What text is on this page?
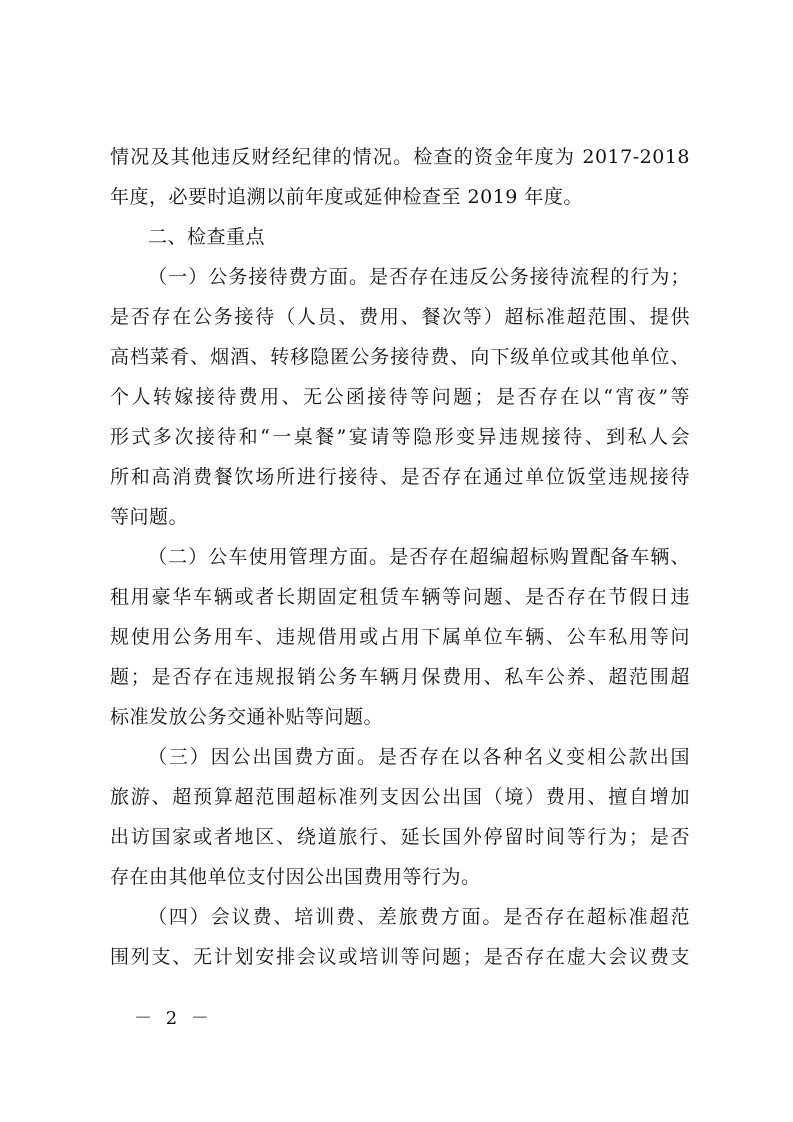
情况及其他违反财经纪律的情况。检查的资金年度为 2017-2018
年度，必要时追溯以前年度或延伸检查至 2019 年度。
二、检查重点
（一）公务接待费方面。是否存在违反公务接待流程的行为；
是否存在公务接待（人员、费用、餐次等）超标准超范围、提供
高档菜肴、烟酒、转移隐匿公务接待费、向下级单位或其他单位、
个人转嫁接待费用、无公函接待等问题；是否存在以“宵夜”等
形式多次接待和“一桌餐”宴请等隐形变异违规接待、到私人会
所和高消费餐饮场所进行接待、是否存在通过单位饭堂违规接待
等问题。
（二）公车使用管理方面。是否存在超编超标购置配备车辆、
租用豪华车辆或者长期固定租赁车辆等问题、是否存在节假日违
规使用公务用车、违规借用或占用下属单位车辆、公车私用等问
题；是否存在违规报销公务车辆月保费用、私车公养、超范围超
标准发放公务交通补贴等问题。
（三）因公出国费方面。是否存在以各种名义变相公款出国
旅游、超预算超范围超标准列支因公出国（境）费用、擅自增加
出访国家或者地区、绕道旅行、延长国外停留时间等行为；是否
存在由其他单位支付因公出国费用等行为。
（四）会议费、培训费、差旅费方面。是否存在超标准超范
围列支、无计划安排会议或培训等问题；是否存在虚大会议费支
－ 2 －
